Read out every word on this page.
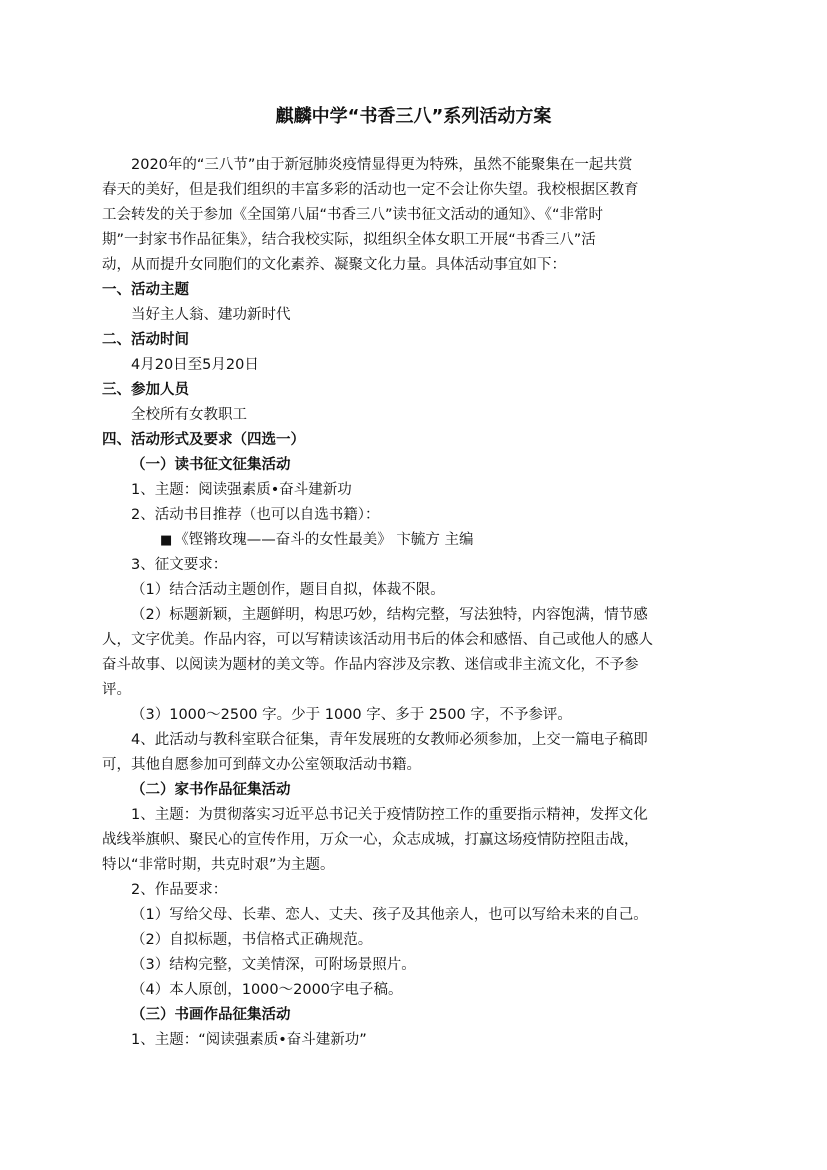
麒麟中学“书香三八”系列活动方案
2020年的“三八节”由于新冠肺炎疫情显得更为特殊，虽然不能聚集在一起共赏
春天的美好，但是我们组织的丰富多彩的活动也一定不会让你失望。我校根据区教育
工会转发的关于参加《全国第八届“书香三八”读书征文活动的通知》、《“非常时
期”一封家书作品征集》，结合我校实际，拟组织全体女职工开展“书香三八”活
动，从而提升女同胞们的文化素养、凝聚文化力量。具体活动事宜如下：
一、活动主题
当好主人翁、建功新时代
二、活动时间
4月20日至5月20日
三、参加人员
全校所有女教职工
四、活动形式及要求（四选一）
（一）读书征文征集活动
1、主题：阅读强素质•奋斗建新功
2、活动书目推荐（也可以自选书籍）：
■ 《铿锵玫瑰——奋斗的女性最美》 卞毓方 主编
3、征文要求：
（1）结合活动主题创作，题目自拟，体裁不限。
（2）标题新颖，主题鲜明，构思巧妙，结构完整，写法独特，内容饱满，情节感
人，文字优美。作品内容，可以写精读该活动用书后的体会和感悟、自己或他人的感人
奋斗故事、以阅读为题材的美文等。作品内容涉及宗教、迷信或非主流文化，不予参
评。
（3）1000～2500 字。少于 1000 字、多于 2500 字，不予参评。
4、此活动与教科室联合征集，青年发展班的女教师必须参加，上交一篇电子稿即
可，其他自愿参加可到薛文办公室领取活动书籍。
（二）家书作品征集活动
1、主题：为贯彻落实习近平总书记关于疫情防控工作的重要指示精神，发挥文化
战线举旗帜、聚民心的宣传作用，万众一心，众志成城，打赢这场疫情防控阻击战，
特以“非常时期，共克时艰”为主题。
2、作品要求：
（1）写给父母、长辈、恋人、丈夫、孩子及其他亲人，也可以写给未来的自己。
（2）自拟标题，书信格式正确规范。
（3）结构完整，文美情深，可附场景照片。
（4）本人原创，1000～2000字电子稿。
（三）书画作品征集活动
1、主题：“阅读强素质•奋斗建新功”
